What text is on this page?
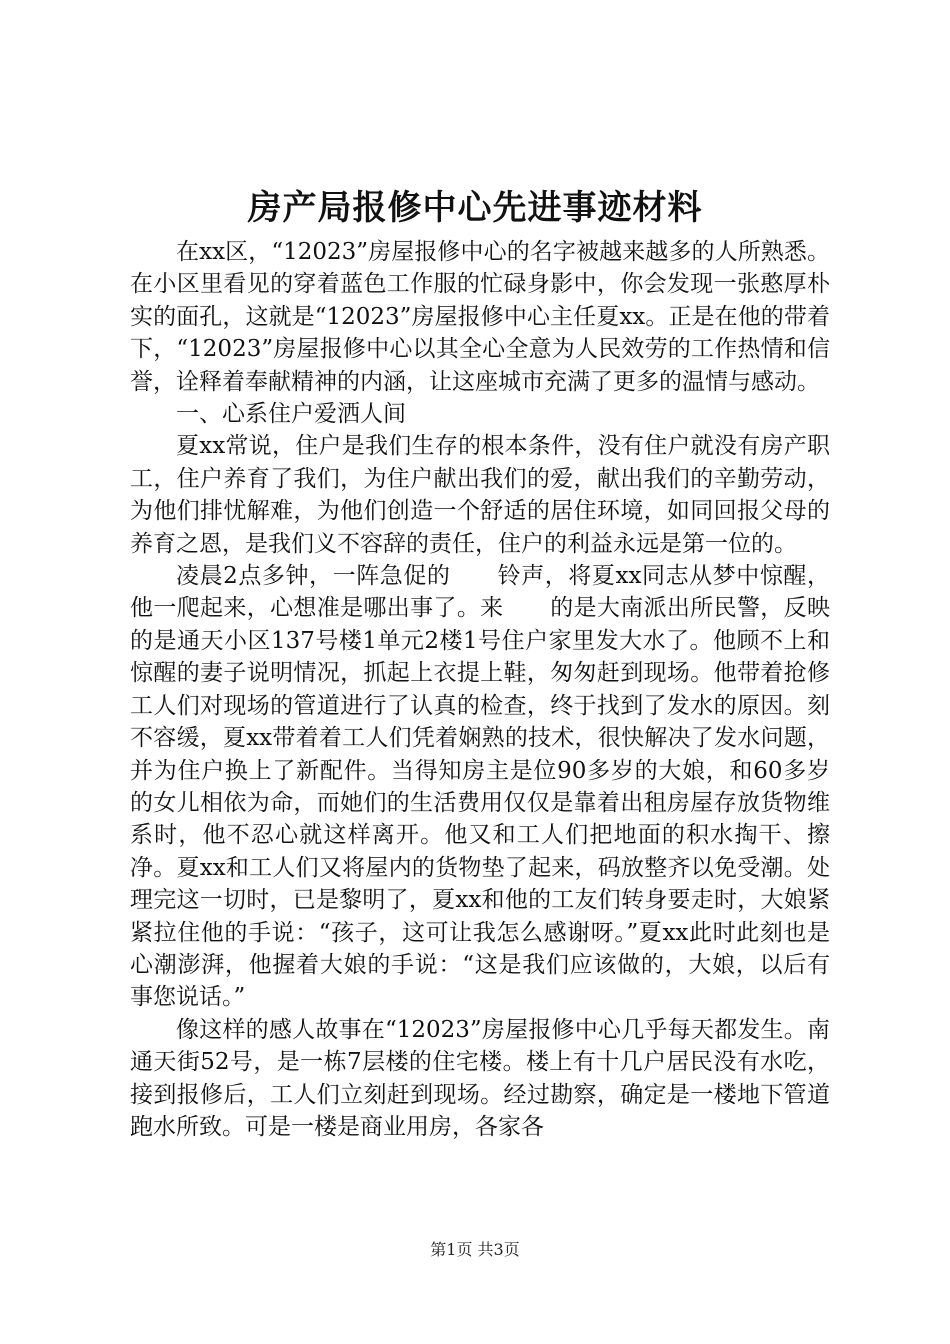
房产局报修中心先进事迹材料

在xx区，“12023”房屋报修中心的名字被越来越多的人所熟悉。在小区里看见的穿着蓝色工作服的忙碌身影中，你会发现一张憨厚朴实的面孔，这就是“12023”房屋报修中心主任夏xx。正是在他的带着下，“12023”房屋报修中心以其全心全意为人民效劳的工作热情和信誉，诠释着奉献精神的内涵，让这座城市充满了更多的温情与感动。

一、心系住户爱洒人间

夏xx常说，住户是我们生存的根本条件，没有住户就没有房产职工，住户养育了我们，为住户献出我们的爱，献出我们的辛勤劳动，为他们排忧解难，为他们创造一个舒适的居住环境，如同回报父母的养育之恩，是我们义不容辞的责任，住户的利益永远是第一位的。

凌晨2点多钟，一阵急促的　　铃声，将夏xx同志从梦中惊醒，他一爬起来，心想准是哪出事了。来　　的是大南派出所民警，反映的是通天小区137号楼1单元2楼1号住户家里发大水了。他顾不上和惊醒的妻子说明情况，抓起上衣提上鞋，匆匆赶到现场。他带着抢修工人们对现场的管道进行了认真的检查，终于找到了发水的原因。刻不容缓，夏xx带着着工人们凭着娴熟的技术，很快解决了发水问题，并为住户换上了新配件。当得知房主是位90多岁的大娘，和60多岁的女儿相依为命，而她们的生活费用仅仅是靠着出租房屋存放货物维系时，他不忍心就这样离开。他又和工人们把地面的积水掏干、擦净。夏xx和工人们又将屋内的货物垫了起来，码放整齐以免受潮。处理完这一切时，已是黎明了，夏xx和他的工友们转身要走时，大娘紧紧拉住他的手说：“孩子，这可让我怎么感谢呀。”夏xx此时此刻也是心潮澎湃，他握着大娘的手说：“这是我们应该做的，大娘，以后有事您说话。”

像这样的感人故事在“12023”房屋报修中心几乎每天都发生。南通天街52号，是一栋7层楼的住宅楼。楼上有十几户居民没有水吃，接到报修后，工人们立刻赶到现场。经过勘察，确定是一楼地下管道跑水所致。可是一楼是商业用房，各家各

第1页 共3页
